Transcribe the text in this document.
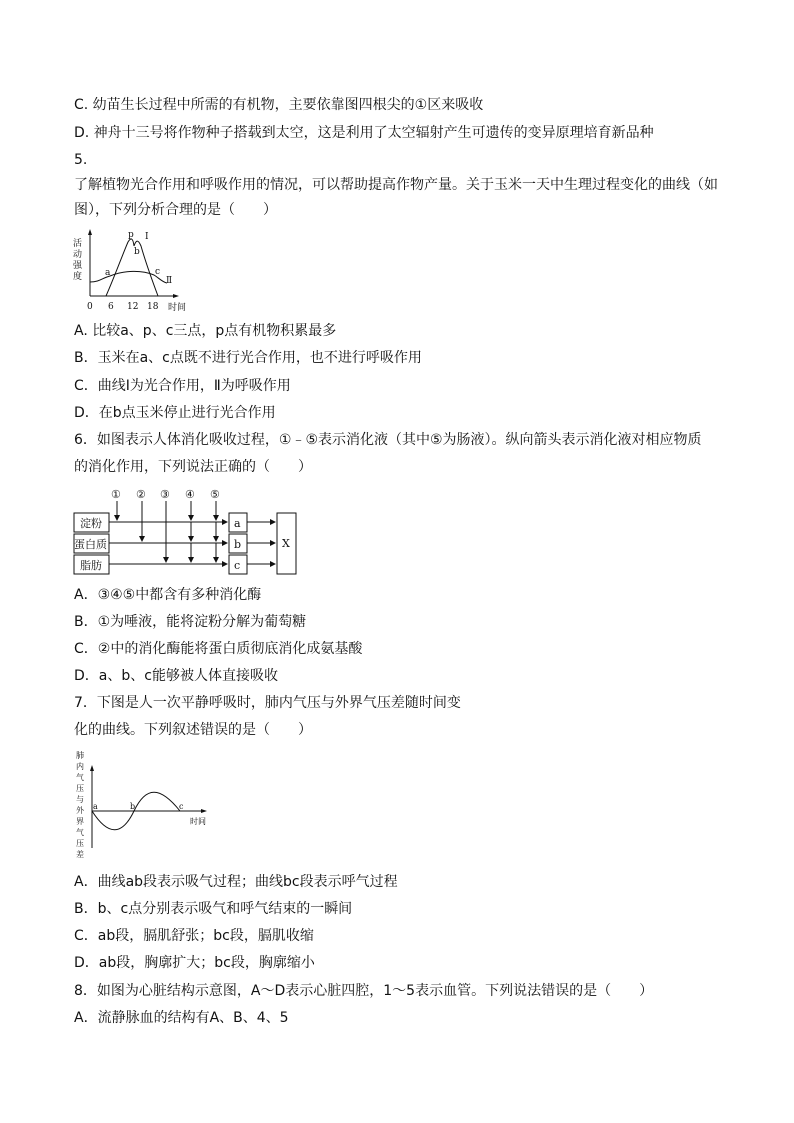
C. 幼苗生长过程中所需的有机物，主要依靠图四根尖的①区来吸收
D. 神舟十三号将作物种子搭载到太空，这是利用了太空辐射产生可遗传的变异原理培育新品种
5.
了解植物光合作用和呼吸作用的情况，可以帮助提高作物产量。关于玉米一天中生理过程变化的曲线（如
图），下列分析合理的是（　　）
活
动
强
度
p I
b
a	c
Ⅱ
0 6 12 18 时间
A. 比较a、p、c三点，p点有机物积累最多
B．玉米在a、c点既不进行光合作用，也不进行呼吸作用
C．曲线Ⅰ为光合作用，Ⅱ为呼吸作用
D．在b点玉米停止进行光合作用
6．如图表示人体消化吸收过程，①﹣⑤表示消化液（其中⑤为肠液）。纵向箭头表示消化液对相应物质
的消化作用，下列说法正确的（　　）
① ② ③ ④ ⑤
淀粉
蛋白质
脂肪
a
b
c
X
A．③④⑤中都含有多种消化酶
B．①为唾液，能将淀粉分解为葡萄糖
C．②中的消化酶能将蛋白质彻底消化成氨基酸
D．a、b、c能够被人体直接吸收
7．下图是人一次平静呼吸时，肺内气压与外界气压差随时间变
化的曲线。下列叙述错误的是（　　）
肺
内
气
压
与
外
界
气
压
差
a	b	c
时间
A．曲线ab段表示吸气过程；曲线bc段表示呼气过程
B．b、c点分别表示吸气和呼气结束的一瞬间
C．ab段，膈肌舒张；bc段，膈肌收缩
D．ab段，胸廓扩大；bc段，胸廓缩小
8．如图为心脏结构示意图，A～D表示心脏四腔，1～5表示血管。下列说法错误的是（　　）
A．流静脉血的结构有A、B、4、5
